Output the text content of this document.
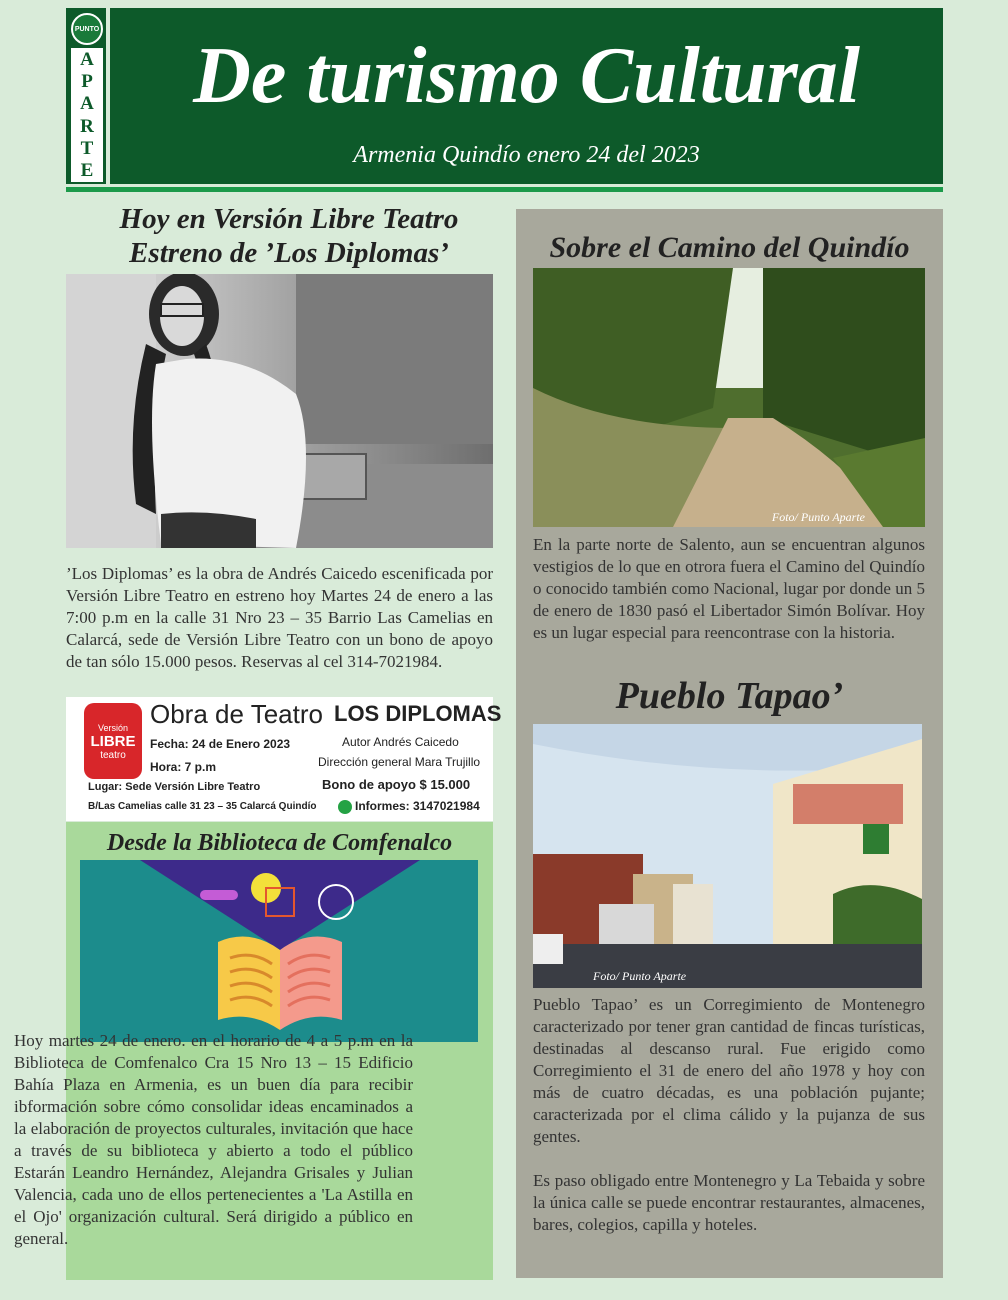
PUNTO
A
P
A
R
T
E
De turismo Cultural
Armenia Quindío enero 24 del 2023
Hoy en Versión Libre Teatro
Estreno de ’Los Diplomas’
’Los Diplomas’ es la obra de Andrés Caicedo escenificada por Versión Libre Teatro en estreno hoy Martes 24 de enero a las 7:00 p.m en la calle 31 Nro 23 – 35 Barrio Las Camelias en Calarcá, sede de Versión Libre Teatro con un bono de apoyo de tan sólo 15.000 pesos. Reservas al cel 314-7021984.
Versión
LIBRE
teatro
Obra de Teatro LOS DIPLOMAS
Fecha: 24 de Enero 2023
Hora: 7 p.m
Autor Andrés Caicedo
Dirección general Mara Trujillo
Bono de apoyo $ 15.000
Lugar: Sede Versión Libre Teatro
B/Las Camelias calle 31 23 – 35 Calarcá Quindío	Informes: 3147021984
Desde la Biblioteca de Comfenalco
Hoy martes 24 de enero. en el horario de 4 a 5 p.m en la Biblioteca de Comfenalco Cra 15 Nro 13 – 15 Edificio Bahía Plaza en Armenia, es un buen día para recibir ibformación sobre cómo consolidar ideas encaminados a la elaboración de proyectos culturales, invitación que hace a través de su biblioteca y abierto a todo el público Estarán Leandro Hernández, Alejandra Grisales y Julian Valencia, cada uno de ellos pertenecientes a 'La Astilla en el Ojo' organización cultural. Será dirigido a público en general.
Sobre el Camino del Quindío
Foto/ Punto Aparte
En la parte norte de Salento, aun se encuentran algunos vestigios de lo que en otrora fuera el Camino del Quindío o conocido también como Nacional, lugar por donde un 5 de enero de 1830 pasó el Libertador Simón Bolívar. Hoy es un lugar especial para reencontrase con la historia.
Pueblo Tapao’
Foto/ Punto Aparte
Pueblo Tapao’ es un Corregimiento de Montenegro caracterizado por tener gran cantidad de fincas turísticas, destinadas al descanso rural. Fue erigido como Corregimiento el 31 de enero del año 1978 y hoy con más de cuatro décadas, es una población pujante; caracterizada por el clima cálido y la pujanza de sus gentes.
Es paso obligado entre Montenegro y La Tebaida y sobre la única calle se puede encontrar restaurantes, almacenes, bares, colegios, capilla y hoteles.
